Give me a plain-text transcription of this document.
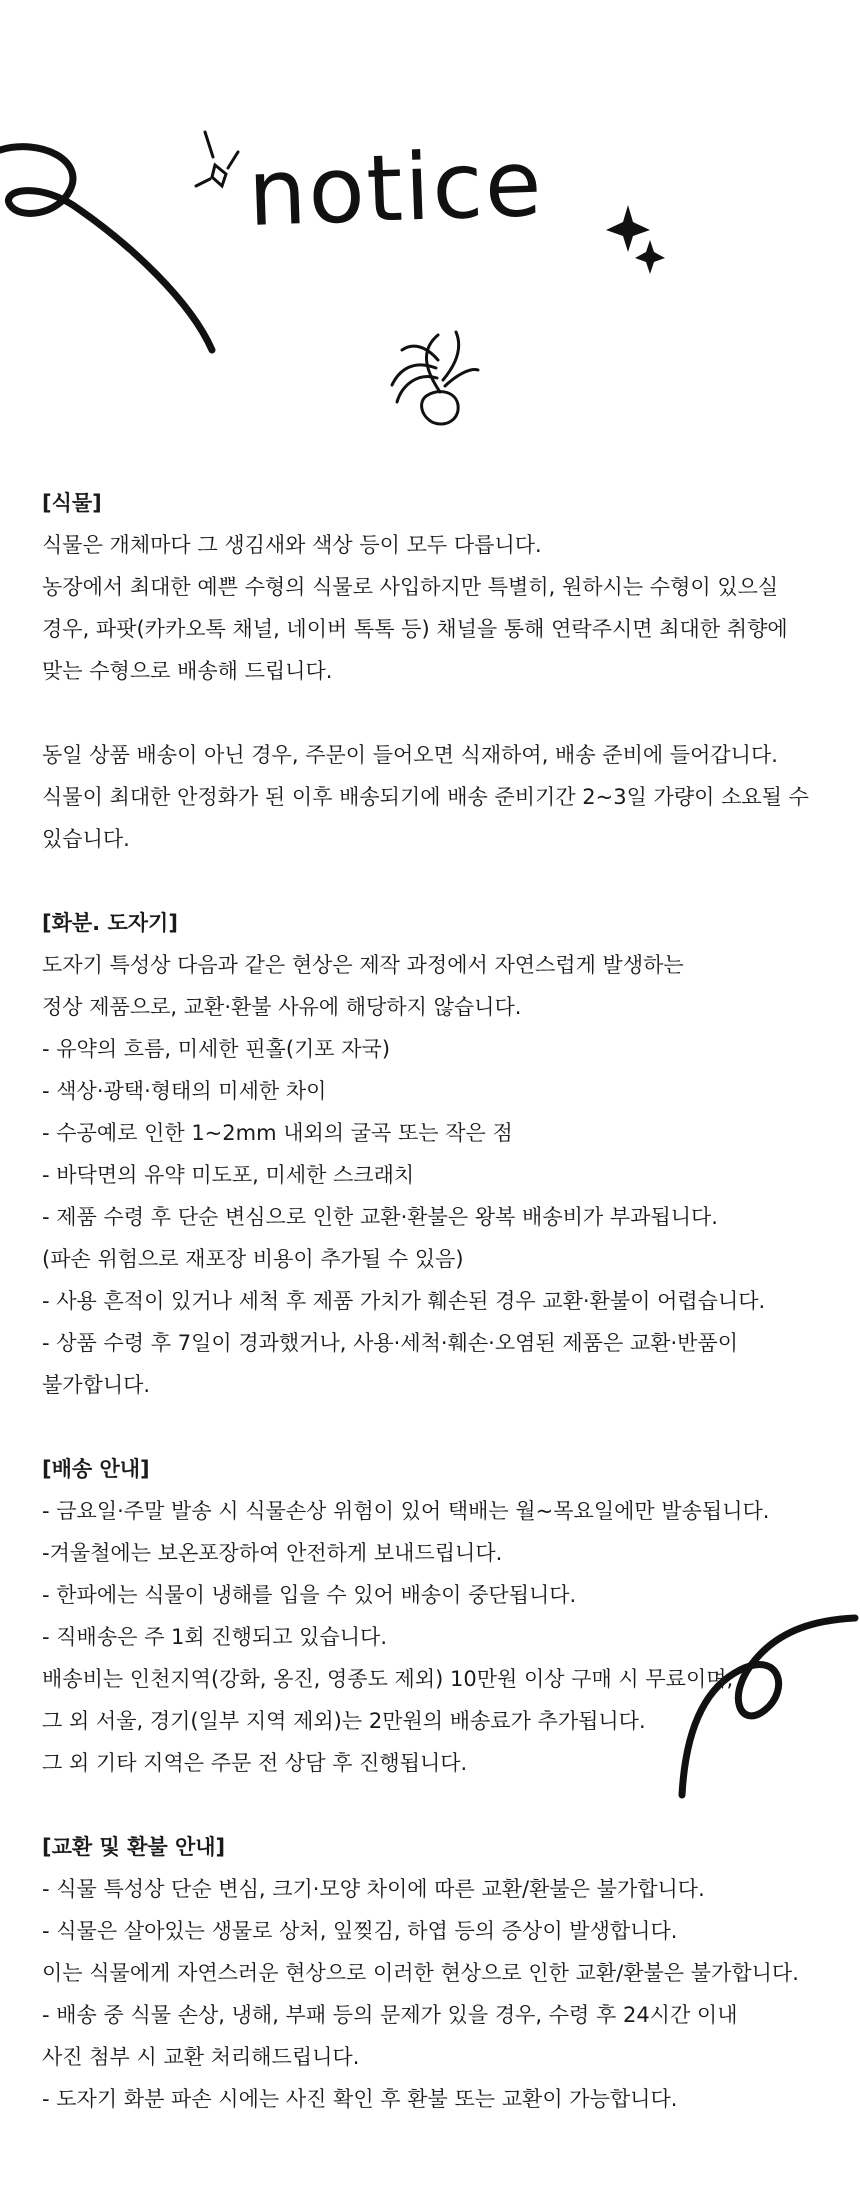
notice

[식물]

식물은 개체마다 그 생김새와 색상 등이 모두 다릅니다.

농장에서 최대한 예쁜 수형의 식물로 사입하지만 특별히, 원하시는 수형이 있으실

경우, 파팟(카카오톡 채널, 네이버 톡톡 등) 채널을 통해 연락주시면 최대한 취향에

맞는 수형으로 배송해 드립니다.

동일 상품 배송이 아닌 경우, 주문이 들어오면 식재하여, 배송 준비에 들어갑니다.

식물이 최대한 안정화가 된 이후 배송되기에 배송 준비기간 2~3일 가량이 소요될 수

있습니다.

[화분. 도자기]

도자기 특성상 다음과 같은 현상은 제작 과정에서 자연스럽게 발생하는

정상 제품으로, 교환·환불 사유에 해당하지 않습니다.

- 유약의 흐름, 미세한 핀홀(기포 자국)

- 색상·광택·형태의 미세한 차이

- 수공예로 인한 1~2mm 내외의 굴곡 또는 작은 점

- 바닥면의 유약 미도포, 미세한 스크래치

- 제품 수령 후 단순 변심으로 인한 교환·환불은 왕복 배송비가 부과됩니다.

(파손 위험으로 재포장 비용이 추가될 수 있음)

- 사용 흔적이 있거나 세척 후 제품 가치가 훼손된 경우 교환·환불이 어렵습니다.

- 상품 수령 후 7일이 경과했거나, 사용·세척·훼손·오염된 제품은 교환·반품이

불가합니다.

[배송 안내]

- 금요일·주말 발송 시 식물손상 위험이 있어 택배는 월~목요일에만 발송됩니다.

-겨울철에는 보온포장하여 안전하게 보내드립니다.

- 한파에는 식물이 냉해를 입을 수 있어 배송이 중단됩니다.

- 직배송은 주 1회 진행되고 있습니다.

배송비는 인천지역(강화, 옹진, 영종도 제외) 10만원 이상 구매 시 무료이며,

그 외 서울, 경기(일부 지역 제외)는 2만원의 배송료가 추가됩니다.

그 외 기타 지역은 주문 전 상담 후 진행됩니다.

[교환 및 환불 안내]

- 식물 특성상 단순 변심, 크기·모양 차이에 따른 교환/환불은 불가합니다.

- 식물은 살아있는 생물로 상처, 잎찢김, 하엽 등의 증상이 발생합니다.

이는 식물에게 자연스러운 현상으로 이러한 현상으로 인한 교환/환불은 불가합니다.

- 배송 중 식물 손상, 냉해, 부패 등의 문제가 있을 경우, 수령 후 24시간 이내

사진 첨부 시 교환 처리해드립니다.

- 도자기 화분 파손 시에는 사진 확인 후 환불 또는 교환이 가능합니다.
